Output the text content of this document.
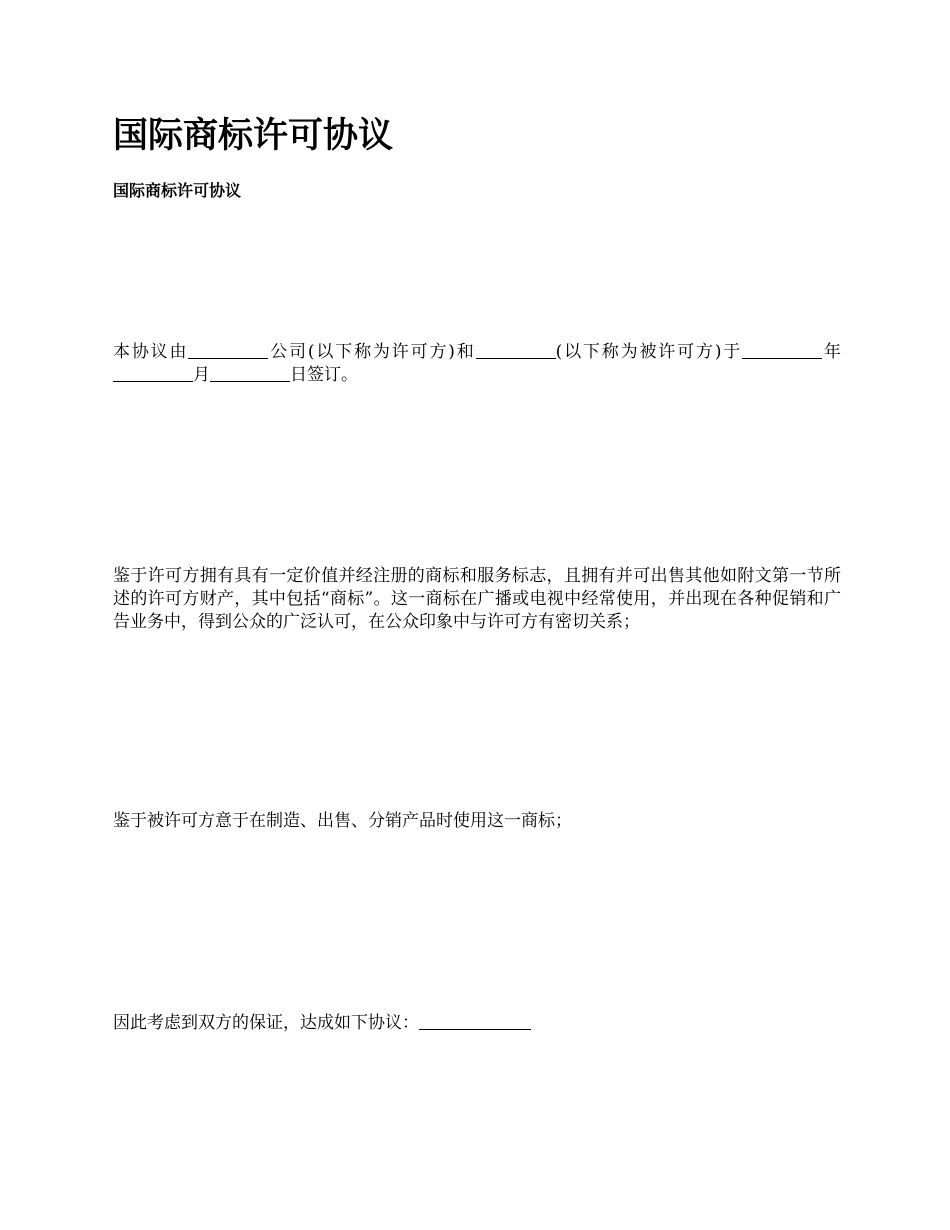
国际商标许可协议
国际商标许可协议

本协议由	公司(以下称为许可方)和	(以下称为被许可方)于	年月	日签订。

鉴于许可方拥有具有一定价值并经注册的商标和服务标志，且拥有并可出售其他如附文第一节所述的许可方财产，其中包括“商标”。这一商标在广播或电视中经常使用，并出现在各种促销和广告业务中，得到公众的广泛认可，在公众印象中与许可方有密切关系；

鉴于被许可方意于在制造、出售、分销产品时使用这一商标；

因此考虑到双方的保证，达成如下协议：
